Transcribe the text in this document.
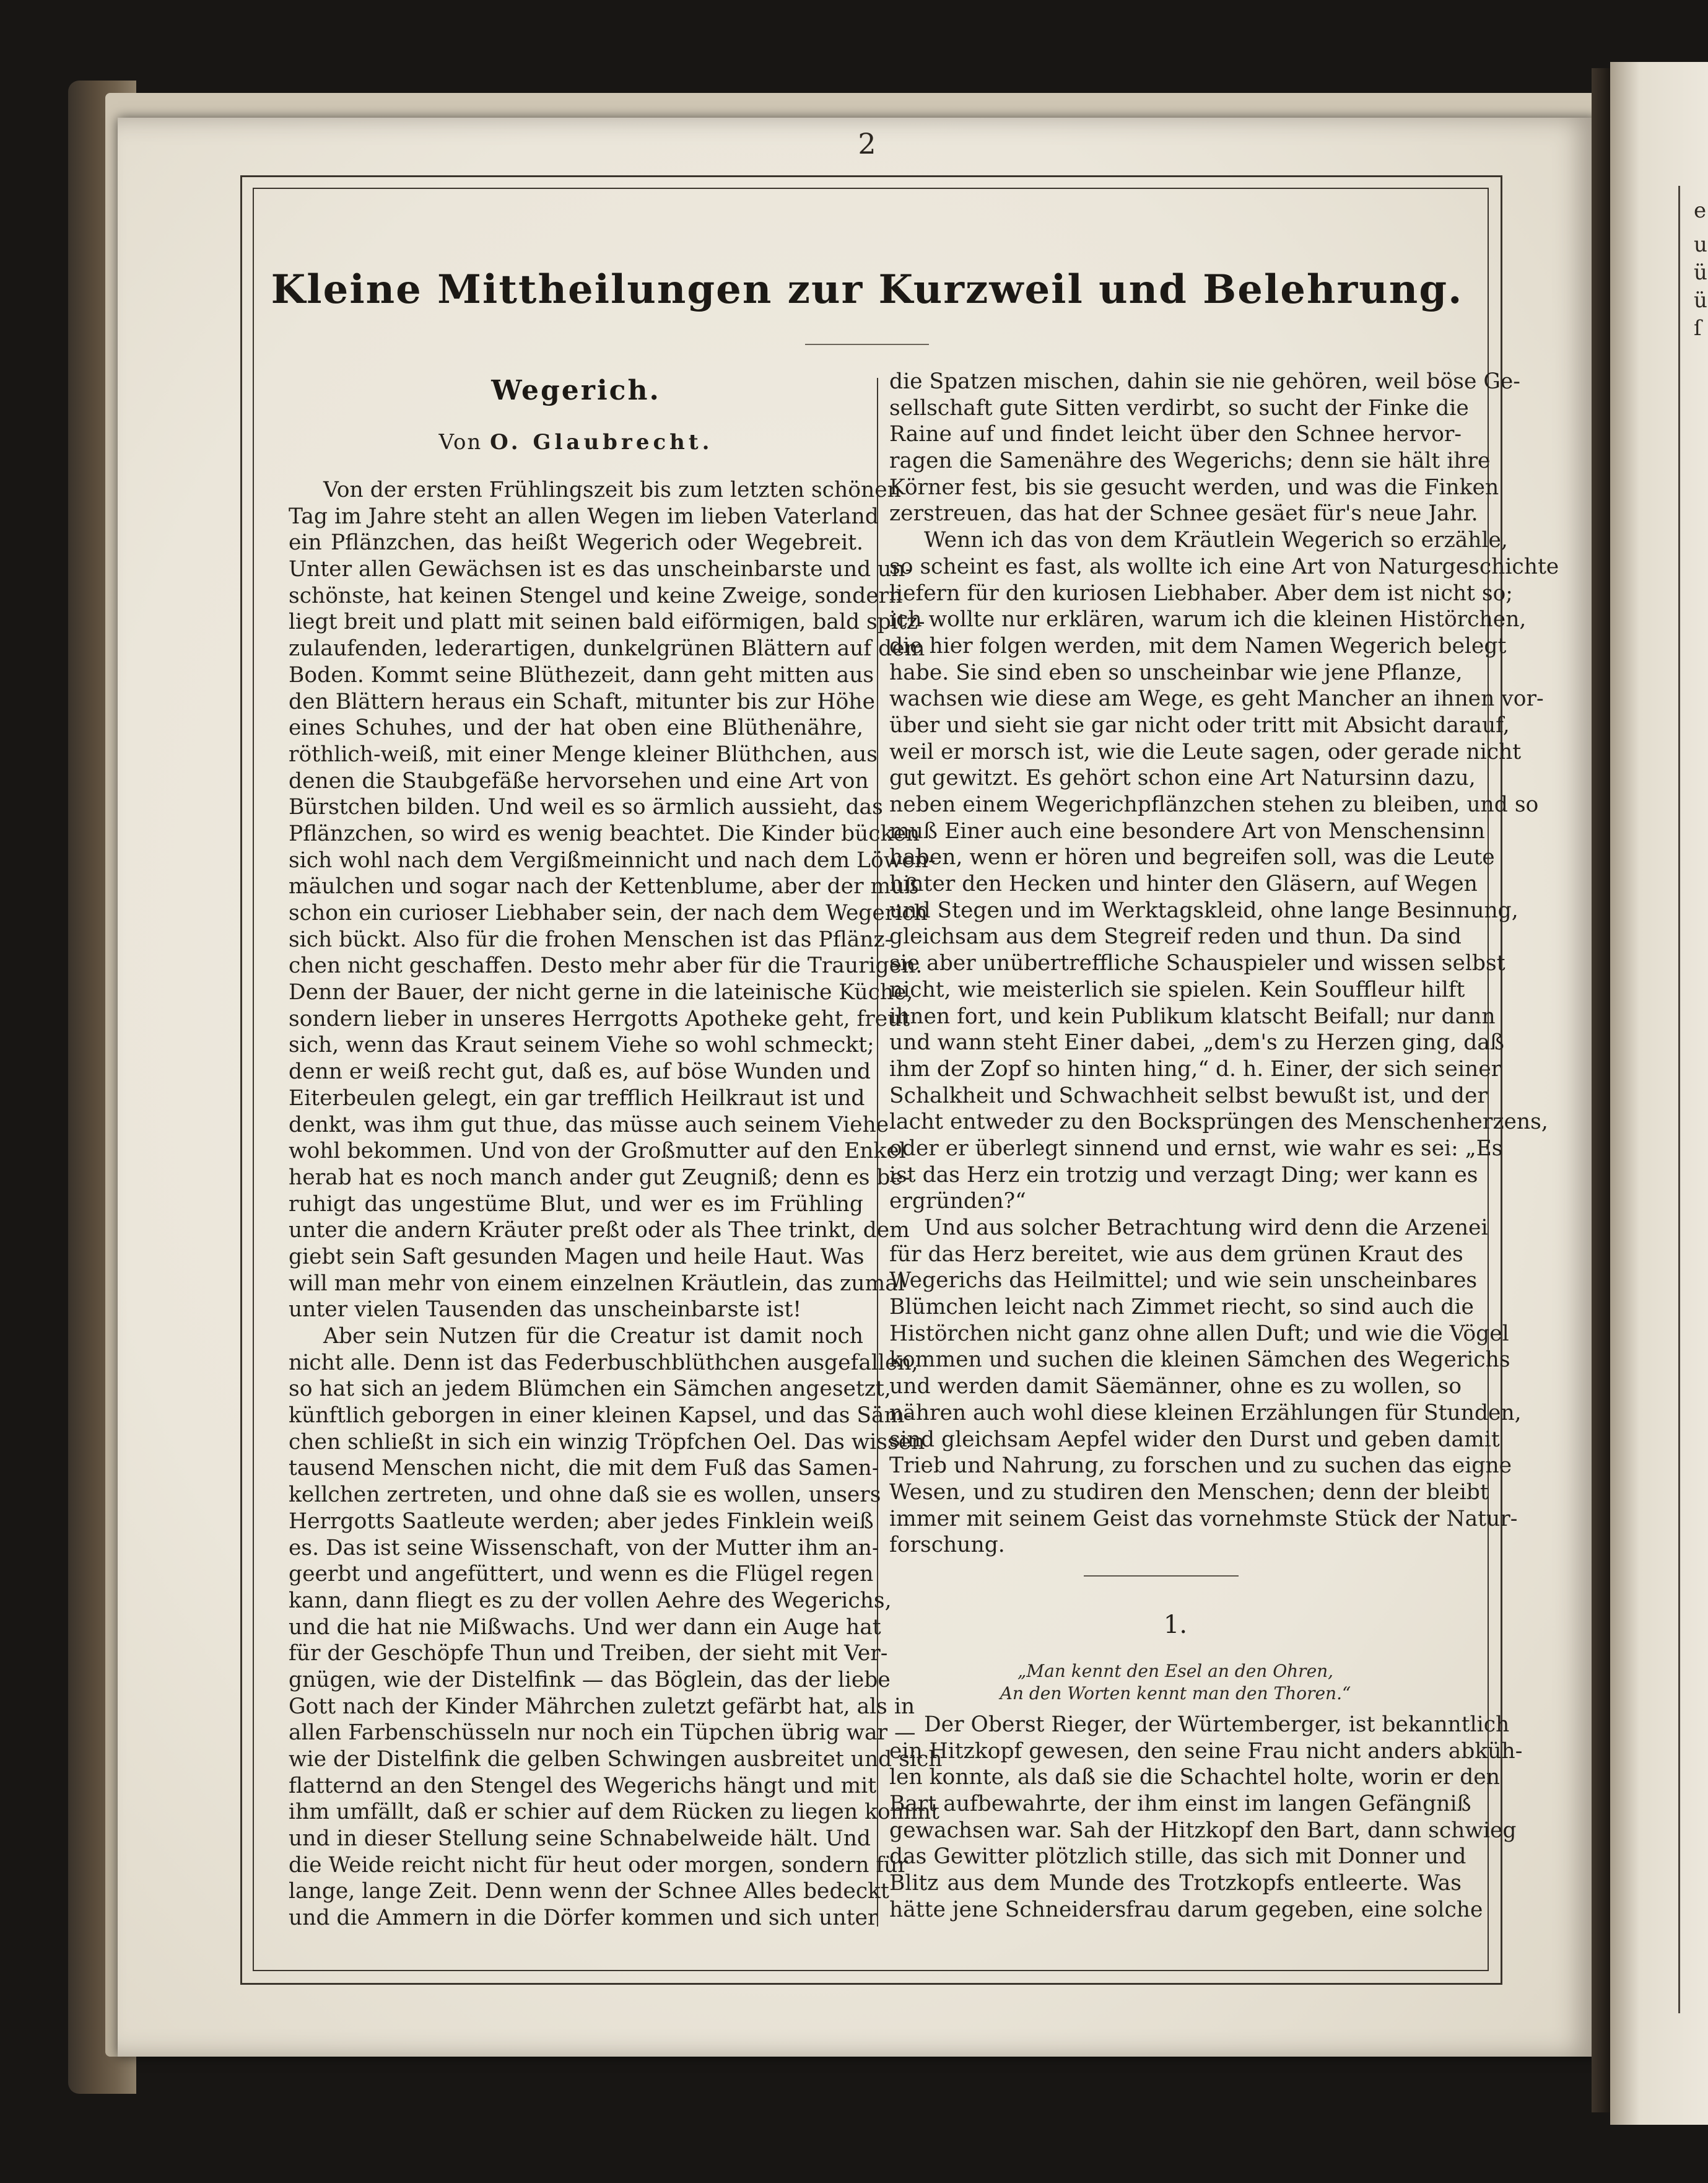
e
u
ü
ü
ſ
2
Kleine Mittheilungen zur Kurzweil und Belehrung.
Wegerich.
Von O. Glaubrecht.
Von der ersten Frühlingszeit bis zum letzten schönen
Tag im Jahre steht an allen Wegen im lieben Vaterland
ein Pflänzchen, das heißt Wegerich oder Wegebreit.
Unter allen Gewächsen ist es das unscheinbarste und un-
schönste, hat keinen Stengel und keine Zweige, sondern
liegt breit und platt mit seinen bald eiförmigen, bald spitz-
zulaufenden, lederartigen, dunkelgrünen Blättern auf dem
Boden. Kommt seine Blüthezeit, dann geht mitten aus
den Blättern heraus ein Schaft, mitunter bis zur Höhe
eines Schuhes, und der hat oben eine Blüthenähre,
röthlich-weiß, mit einer Menge kleiner Blüthchen, aus
denen die Staubgefäße hervorsehen und eine Art von
Bürstchen bilden. Und weil es so ärmlich aussieht, das
Pflänzchen, so wird es wenig beachtet. Die Kinder bücken
sich wohl nach dem Vergißmeinnicht und nach dem Löwen-
mäulchen und sogar nach der Kettenblume, aber der muß
schon ein curioser Liebhaber sein, der nach dem Wegerich
sich bückt. Also für die frohen Menschen ist das Pflänz-
chen nicht geschaffen. Desto mehr aber für die Traurigen.
Denn der Bauer, der nicht gerne in die lateinische Küche,
sondern lieber in unseres Herrgotts Apotheke geht, freut
sich, wenn das Kraut seinem Viehe so wohl schmeckt;
denn er weiß recht gut, daß es, auf böse Wunden und
Eiterbeulen gelegt, ein gar trefflich Heilkraut ist und
denkt, was ihm gut thue, das müsse auch seinem Viehe
wohl bekommen. Und von der Großmutter auf den Enkel
herab hat es noch manch ander gut Zeugniß; denn es be-
ruhigt das ungestüme Blut, und wer es im Frühling
unter die andern Kräuter preßt oder als Thee trinkt, dem
giebt sein Saft gesunden Magen und heile Haut. Was
will man mehr von einem einzelnen Kräutlein, das zumal
unter vielen Tausenden das unscheinbarste ist!
Aber sein Nutzen für die Creatur ist damit noch
nicht alle. Denn ist das Federbuschblüthchen ausgefallen,
so hat sich an jedem Blümchen ein Sämchen angesetzt,
künftlich geborgen in einer kleinen Kapsel, und das Säm-
chen schließt in sich ein winzig Tröpfchen Oel. Das wissen
tausend Menschen nicht, die mit dem Fuß das Samen-
kellchen zertreten, und ohne daß sie es wollen, unsers
Herrgotts Saatleute werden; aber jedes Finklein weiß
es. Das ist seine Wissenschaft, von der Mutter ihm an-
geerbt und angefüttert, und wenn es die Flügel regen
kann, dann fliegt es zu der vollen Aehre des Wegerichs,
und die hat nie Mißwachs. Und wer dann ein Auge hat
für der Geschöpfe Thun und Treiben, der sieht mit Ver-
gnügen, wie der Distelfink — das Böglein, das der liebe
Gott nach der Kinder Mährchen zuletzt gefärbt hat, als in
allen Farbenschüsseln nur noch ein Tüpchen übrig war —
wie der Distelfink die gelben Schwingen ausbreitet und sich
flatternd an den Stengel des Wegerichs hängt und mit
ihm umfällt, daß er schier auf dem Rücken zu liegen kommt
und in dieser Stellung seine Schnabelweide hält. Und
die Weide reicht nicht für heut oder morgen, sondern für
lange, lange Zeit. Denn wenn der Schnee Alles bedeckt
und die Ammern in die Dörfer kommen und sich unter
die Spatzen mischen, dahin sie nie gehören, weil böse Ge-
sellschaft gute Sitten verdirbt, so sucht der Finke die
Raine auf und findet leicht über den Schnee hervor-
ragen die Samenähre des Wegerichs; denn sie hält ihre
Körner fest, bis sie gesucht werden, und was die Finken
zerstreuen, das hat der Schnee gesäet für's neue Jahr.
Wenn ich das von dem Kräutlein Wegerich so erzähle,
so scheint es fast, als wollte ich eine Art von Naturgeschichte
liefern für den kuriosen Liebhaber. Aber dem ist nicht so;
ich wollte nur erklären, warum ich die kleinen Histörchen,
die hier folgen werden, mit dem Namen Wegerich belegt
habe. Sie sind eben so unscheinbar wie jene Pflanze,
wachsen wie diese am Wege, es geht Mancher an ihnen vor-
über und sieht sie gar nicht oder tritt mit Absicht darauf,
weil er morsch ist, wie die Leute sagen, oder gerade nicht
gut gewitzt. Es gehört schon eine Art Natursinn dazu,
neben einem Wegerichpflänzchen stehen zu bleiben, und so
muß Einer auch eine besondere Art von Menschensinn
haben, wenn er hören und begreifen soll, was die Leute
hinter den Hecken und hinter den Gläsern, auf Wegen
und Stegen und im Werktagskleid, ohne lange Besinnung,
gleichsam aus dem Stegreif reden und thun. Da sind
sie aber unübertreffliche Schauspieler und wissen selbst
nicht, wie meisterlich sie spielen. Kein Souffleur hilft
ihnen fort, und kein Publikum klatscht Beifall; nur dann
und wann steht Einer dabei, „dem's zu Herzen ging, daß
ihm der Zopf so hinten hing,“ d. h. Einer, der sich seiner
Schalkheit und Schwachheit selbst bewußt ist, und der
lacht entweder zu den Bocksprüngen des Menschenherzens,
oder er überlegt sinnend und ernst, wie wahr es sei: „Es
ist das Herz ein trotzig und verzagt Ding; wer kann es
ergründen?“
Und aus solcher Betrachtung wird denn die Arzenei
für das Herz bereitet, wie aus dem grünen Kraut des
Wegerichs das Heilmittel; und wie sein unscheinbares
Blümchen leicht nach Zimmet riecht, so sind auch die
Histörchen nicht ganz ohne allen Duft; und wie die Vögel
kommen und suchen die kleinen Sämchen des Wegerichs
und werden damit Säemänner, ohne es zu wollen, so
nähren auch wohl diese kleinen Erzählungen für Stunden,
sind gleichsam Aepfel wider den Durst und geben damit
Trieb und Nahrung, zu forschen und zu suchen das eigne
Wesen, und zu studiren den Menschen; denn der bleibt
immer mit seinem Geist das vornehmste Stück der Natur-
forschung.
1.
„Man kennt den Esel an den Ohren,
An den Worten kennt man den Thoren.“
Der Oberst Rieger, der Würtemberger, ist bekanntlich
ein Hitzkopf gewesen, den seine Frau nicht anders abküh-
len konnte, als daß sie die Schachtel holte, worin er den
Bart aufbewahrte, der ihm einst im langen Gefängniß
gewachsen war. Sah der Hitzkopf den Bart, dann schwieg
das Gewitter plötzlich stille, das sich mit Donner und
Blitz aus dem Munde des Trotzkopfs entleerte. Was
hätte jene Schneidersfrau darum gegeben, eine solche
